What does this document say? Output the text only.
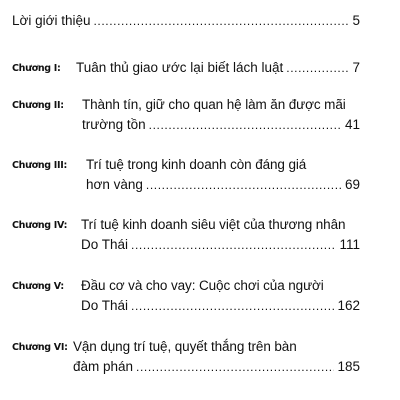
Lời giới thiệu .....	5
Chương I: Tuân thủ giao ước lại biết lách luật .....	7
Chương II: Thành tín, giữ cho quan hệ làm ăn được mãi
trường tồn .....	41
Chương III: Trí tuệ trong kinh doanh còn đáng giá
hơn vàng .....	69
Chương IV: Trí tuệ kinh doanh siêu việt của thương nhân
Do Thái .....	111
Chương V: Đầu cơ và cho vay: Cuộc chơi của người
Do Thái .....	162
Chương VI: Vận dụng trí tuệ, quyết thắng trên bàn
đàm phán .....	185
